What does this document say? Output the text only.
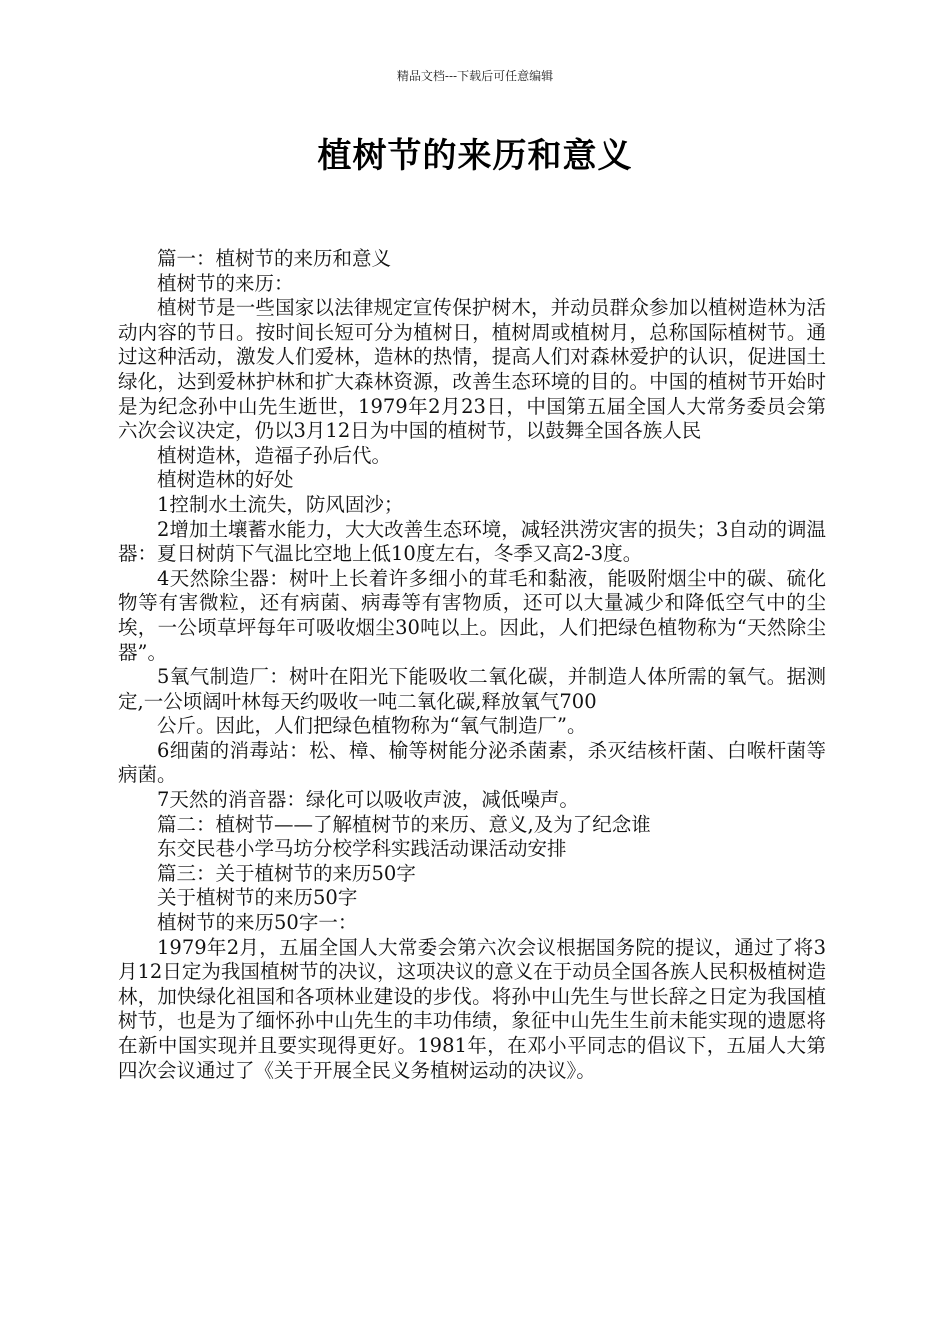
精品文档---下载后可任意编辑
植树节的来历和意义

篇一：植树节的来历和意义

植树节的来历：

植树节是一些国家以法律规定宣传保护树木，并动员群众参加以植树造林为活动内容的节日。按时间长短可分为植树日，植树周或植树月，总称国际植树节。通过这种活动，激发人们爱林，造林的热情，提高人们对森林爱护的认识，促进国土绿化，达到爱林护林和扩大森林资源，改善生态环境的目的。中国的植树节开始时是为纪念孙中山先生逝世，1979年2月23日，中国第五届全国人大常务委员会第六次会议决定，仍以3月12日为中国的植树节，以鼓舞全国各族人民

植树造林，造福子孙后代。

植树造林的好处

1控制水土流失，防风固沙；

2增加土壤蓄水能力，大大改善生态环境，减轻洪涝灾害的损失；3自动的调温器：夏日树荫下气温比空地上低10度左右，冬季又高2-3度。

4天然除尘器：树叶上长着许多细小的茸毛和黏液，能吸附烟尘中的碳、硫化物等有害微粒，还有病菌、病毒等有害物质，还可以大量减少和降低空气中的尘埃，一公顷草坪每年可吸收烟尘30吨以上。因此，人们把绿色植物称为“天然除尘器”。

5氧气制造厂：树叶在阳光下能吸收二氧化碳，并制造人体所需的氧气。据测定,一公顷阔叶林每天约吸收一吨二氧化碳,释放氧气700

公斤。因此，人们把绿色植物称为“氧气制造厂”。

6细菌的消毒站：松、樟、榆等树能分泌杀菌素，杀灭结核杆菌、白喉杆菌等病菌。

7天然的消音器：绿化可以吸收声波，减低噪声。

篇二：植树节——了解植树节的来历、意义,及为了纪念谁

东交民巷小学马坊分校学科实践活动课活动安排

篇三：关于植树节的来历50字

关于植树节的来历50字

植树节的来历50字一：

1979年2月，五届全国人大常委会第六次会议根据国务院的提议，通过了将3月12日定为我国植树节的决议，这项决议的意义在于动员全国各族人民积极植树造林，加快绿化祖国和各项林业建设的步伐。将孙中山先生与世长辞之日定为我国植树节，也是为了缅怀孙中山先生的丰功伟绩，象征中山先生生前未能实现的遗愿将在新中国实现并且要实现得更好。1981年，在邓小平同志的倡议下，五届人大第四次会议通过了《关于开展全民义务植树运动的决议》。
